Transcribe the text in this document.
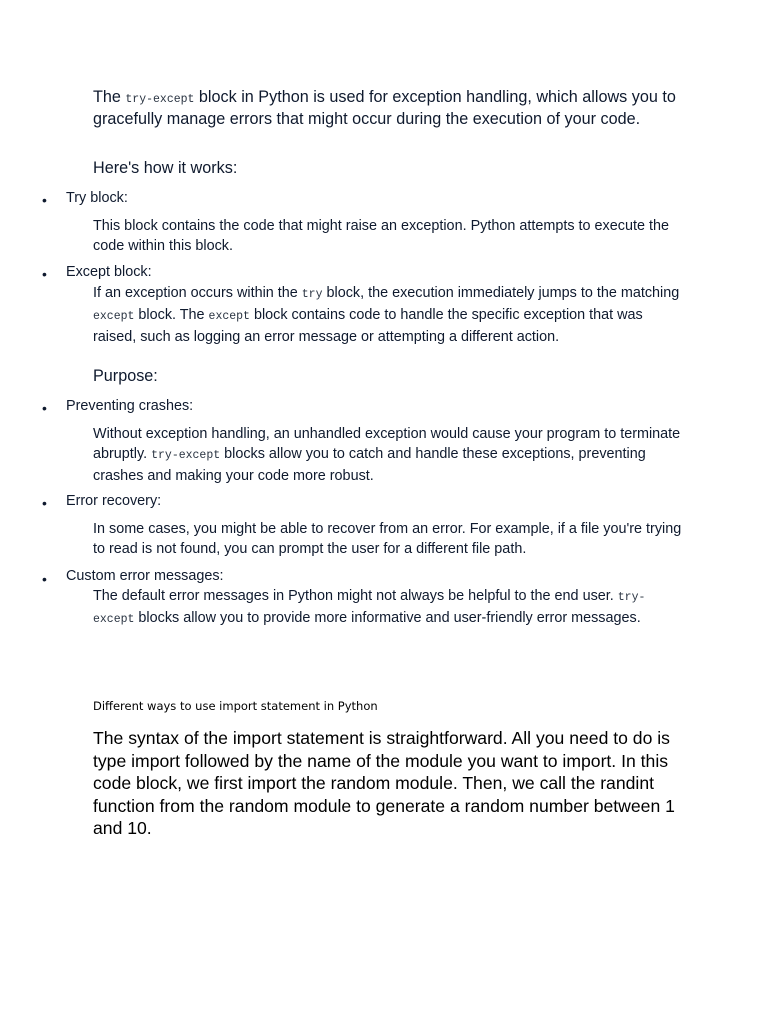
The try-except block in Python is used for exception handling, which allows you to gracefully manage errors that might occur during the execution of your code.
Here's how it works:
• Try block:
This block contains the code that might raise an exception. Python attempts to execute the code within this block.
• Except block:
If an exception occurs within the try block, the execution immediately jumps to the matching except block. The except block contains code to handle the specific exception that was raised, such as logging an error message or attempting a different action.
Purpose:
• Preventing crashes:
Without exception handling, an unhandled exception would cause your program to terminate abruptly. try-except blocks allow you to catch and handle these exceptions, preventing crashes and making your code more robust.
• Error recovery:
In some cases, you might be able to recover from an error. For example, if a file you're trying to read is not found, you can prompt the user for a different file path.
• Custom error messages:
The default error messages in Python might not always be helpful to the end user. try-except blocks allow you to provide more informative and user-friendly error messages.
Different ways to use import statement in Python
The syntax of the import statement is straightforward. All you need to do is type import followed by the name of the module you want to import. In this code block, we first import the random module. Then, we call the randint function from the random module to generate a random number between 1 and 10.
